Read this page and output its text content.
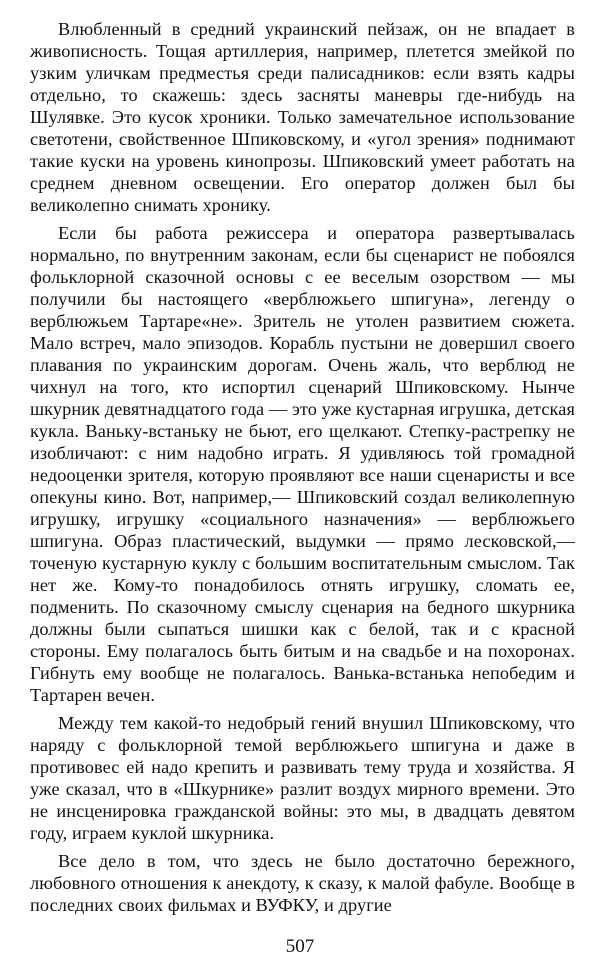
Влюбленный в средний украинский пейзаж, он не впадает в живописность. Тощая артиллерия, например, плетется змейкой по узким уличкам предместья среди палисадников: если взять кадры отдельно, то скажешь: здесь засняты маневры где-нибудь на Шулявке. Это кусок хроники. Только замечательное использование светотени, свойственное Шпиковскому, и «угол зрения» поднимают такие куски на уровень кинопрозы. Шпиковский умеет работать на среднем дневном освещении. Его оператор должен был бы великолепно снимать хронику.

Если бы работа режиссера и оператора развертывалась нормально, по внутренним законам, если бы сценарист не побоялся фольклорной сказочной основы с ее веселым озорством — мы получили бы настоящего «верблюжьего шпигуна», легенду о верблюжьем Тартаре«не». Зритель не утолен развитием сюжета. Мало встреч, мало эпизодов. Корабль пустыни не довершил своего плавания по украинским дорогам. Очень жаль, что верблюд не чихнул на того, кто испортил сценарий Шпиковскому. Нынче шкурник девятнадцатого года — это уже кустарная игрушка, детская кукла. Ваньку-встаньку не бьют, его щелкают. Степку-растрепку не изобличают: с ним надобно играть. Я удивляюсь той громадной недооценки зрителя, которую проявляют все наши сценаристы и все опекуны кино. Вот, например,— Шпиковский создал великолепную игрушку, игрушку «социального назначения» — верблюжьего шпигуна. Образ пластический, выдумки — прямо лесковской,— точеную кустарную куклу с большим воспитательным смыслом. Так нет же. Кому-то понадобилось отнять игрушку, сломать ее, подменить. По сказочному смыслу сценария на бедного шкурника должны были сыпаться шишки как с белой, так и с красной стороны. Ему полагалось быть битым и на свадьбе и на похоронах. Гибнуть ему вообще не полагалось. Ванька-встанька непобедим и Тартарен вечен.

Между тем какой-то недобрый гений внушил Шпиковскому, что наряду с фольклорной темой верблюжьего шпигуна и даже в противовес ей надо крепить и развивать тему труда и хозяйства. Я уже сказал, что в «Шкурнике» разлит воздух мирного времени. Это не инсценировка гражданской войны: это мы, в двадцать девятом году, играем куклой шкурника.

Все дело в том, что здесь не было достаточно бережного, любовного отношения к анекдоту, к сказу, к малой фабуле. Вообще в последних своих фильмах и ВУФКУ, и другие

507
